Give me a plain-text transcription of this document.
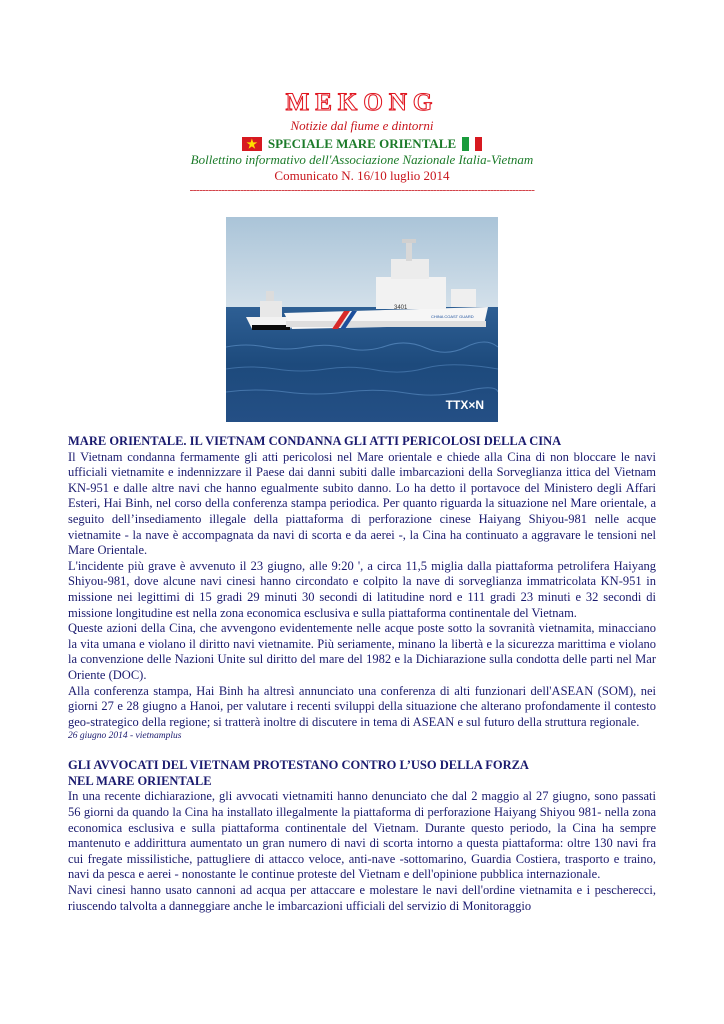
MEKONG
Notizie dal fiume e dintorni
★ SPECIALE MARE ORIENTALE
Bollettino informativo dell'Associazione Nazionale Italia-Vietnam
Comunicato N. 16/10 luglio 2014
-------------------------------------------------------------------------------------------------------------
3401
CHINA COAST GUARD
TTX×N
MARE ORIENTALE. IL VIETNAM CONDANNA GLI ATTI PERICOLOSI DELLA CINA

Il Vietnam condanna fermamente gli atti pericolosi nel Mare orientale e chiede alla Cina di non bloccare le navi ufficiali vietnamite e indennizzare il Paese dai danni subiti dalle imbarcazioni della Sorveglianza ittica del Vietnam KN-951 e dalle altre navi che hanno egualmente subito danno. Lo ha detto il portavoce del Ministero degli Affari Esteri, Hai Binh, nel corso della conferenza stampa periodica. Per quanto riguarda la situazione nel Mare orientale, a seguito dell’insediamento illegale della piattaforma di perforazione cinese Haiyang Shiyou-981 nelle acque vietnamite - la nave è accompagnata da navi di scorta e da aerei -, la Cina ha continuato a aggravare le tensioni nel Mare Orientale.

L'incidente più grave è avvenuto il 23 giugno, alle 9:20 ', a circa 11,5 miglia dalla piattaforma petrolifera Haiyang Shiyou-981, dove alcune navi cinesi hanno circondato e colpito la nave di sorveglianza immatricolata KN-951 in missione nei legittimi di 15 gradi 29 minuti 30 secondi di latitudine nord e 111 gradi 23 minuti e 32 secondi di missione longitudine est nella zona economica esclusiva e sulla piattaforma continentale del Vietnam.

Queste azioni della Cina, che avvengono evidentemente nelle acque poste sotto la sovranità vietnamita, minacciano la vita umana e violano il diritto navi vietnamite. Più seriamente, minano la libertà e la sicurezza marittima e violano la convenzione delle Nazioni Unite sul diritto del mare del 1982 e la Dichiarazione sulla condotta delle parti nel Mar Oriente (DOC).

Alla conferenza stampa, Hai Binh ha altresì annunciato una conferenza di alti funzionari dell'ASEAN (SOM), nei giorni 27 e 28 giugno a Hanoi, per valutare i recenti sviluppi della situazione che alterano profondamente il contesto geo-strategico della regione; si tratterà inoltre di discutere in tema di ASEAN e sul futuro della struttura regionale.

26 giugno 2014 - vietnamplus
GLI AVVOCATI DEL VIETNAM PROTESTANO CONTRO L’USO DELLA FORZA
NEL MARE ORIENTALE

In una recente dichiarazione, gli avvocati vietnamiti hanno denunciato che dal 2 maggio al 27 giugno, sono passati 56 giorni da quando la Cina ha installato illegalmente la piattaforma di perforazione Haiyang Shiyou 981- nella zona economica esclusiva e sulla piattaforma continentale del Vietnam. Durante questo periodo, la Cina ha sempre mantenuto e addirittura aumentato un gran numero di navi di scorta intorno a questa piattaforma: oltre 130 navi fra cui fregate missilistiche, pattugliere di attacco veloce, anti-nave -sottomarino, Guardia Costiera, trasporto e traino, navi da pesca e aerei - nonostante le continue proteste del Vietnam e dell'opinione pubblica internazionale.

Navi cinesi hanno usato cannoni ad acqua per attaccare e molestare le navi dell'ordine vietnamita e i pescherecci, riuscendo talvolta a danneggiare anche le imbarcazioni ufficiali del servizio di Monitoraggio
